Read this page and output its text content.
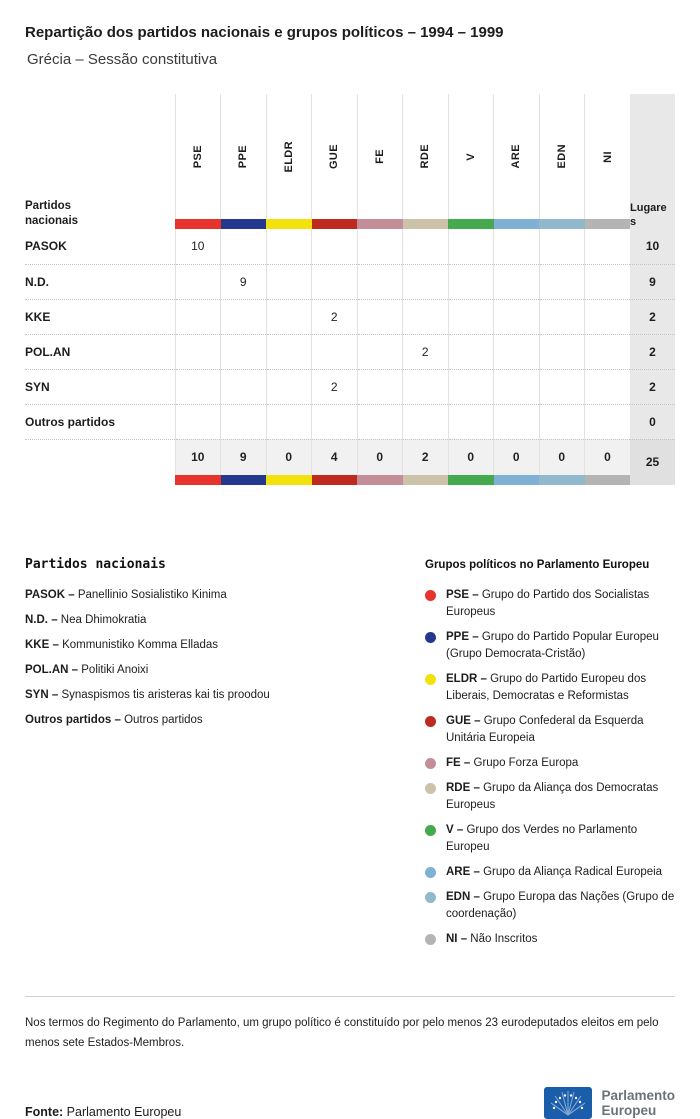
Repartição dos partidos nacionais e grupos políticos – 1994 – 1999
Grécia – Sessão constitutiva
Partidos nacionais	PSE	PPE	ELDR	GUE	FE	RDE	V	ARE	EDN	NI	Lugares

PASOK	10										10
N.D.		9									9
KKE				2							2
POL.AN						2					2
SYN				2							2
Outros partidos											0
	10	9	0	4	0	2	0	0	0	0	25

Partidos nacionais
PASOK – Panellinio Sosialistiko Kinima
N.D. – Nea Dhimokratia
KKE – Kommunistiko Komma Elladas
POL.AN – Politiki Anoixi
SYN – Synaspismos tis aristeras kai tis proodou
Outros partidos – Outros partidos
Grupos políticos no Parlamento Europeu
PSE – Grupo do Partido dos Socialistas Europeus
PPE – Grupo do Partido Popular Europeu (Grupo Democrata-Cristão)
ELDR – Grupo do Partido Europeu dos Liberais, Democratas e Reformistas
GUE – Grupo Confederal da Esquerda Unitária Europeia
FE – Grupo Forza Europa
RDE – Grupo da Aliança dos Democratas Europeus
V – Grupo dos Verdes no Parlamento Europeu
ARE – Grupo da Aliança Radical Europeia
EDN – Grupo Europa das Nações (Grupo de coordenação)
NI – Não Inscritos

Nos termos do Regimento do Parlamento, um grupo político é constituído por pelo menos 23 eurodeputados eleitos em pelo menos sete Estados-Membros.

Fonte: Parlamento Europeu
Parlamento
Europeu
